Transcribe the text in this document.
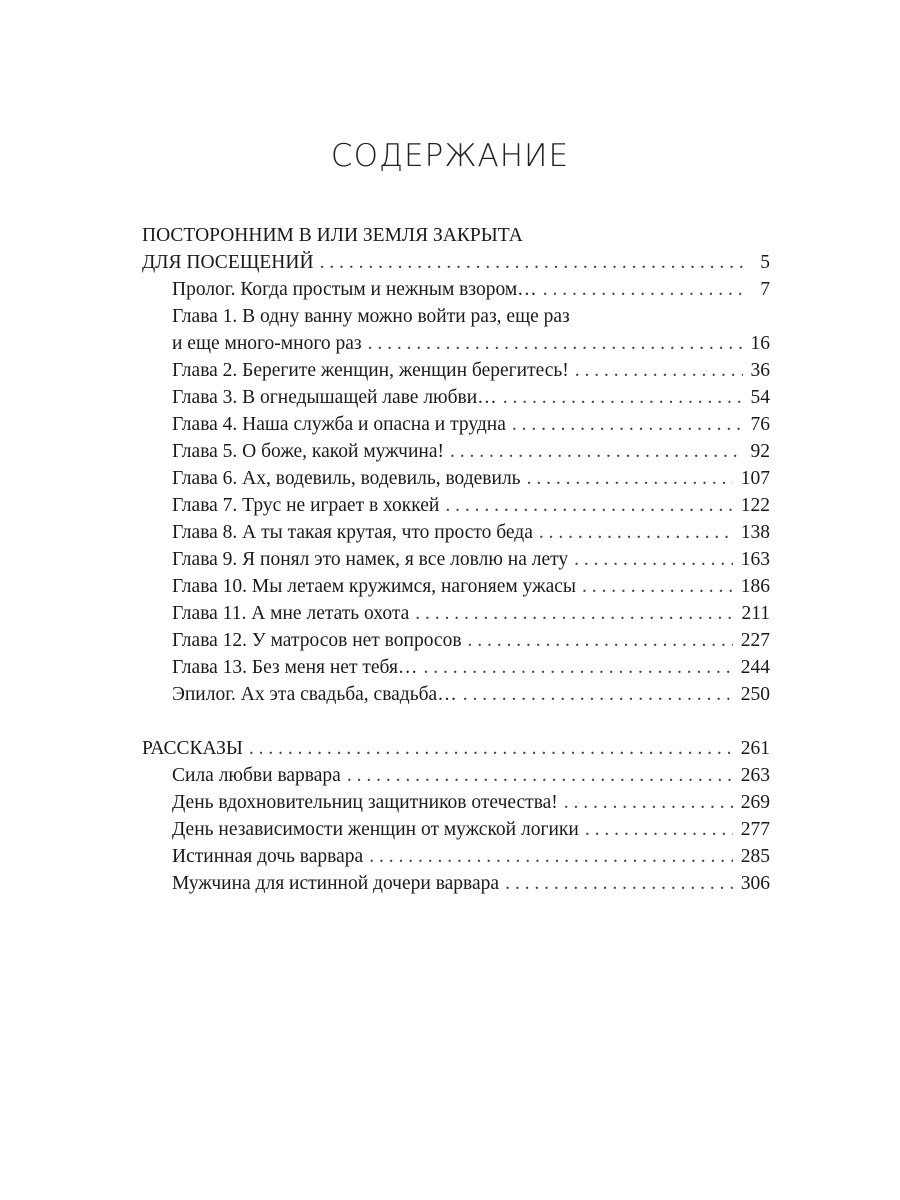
СОДЕРЖАНИЕ
ПОСТОРОННИМ В ИЛИ ЗЕМЛЯ ЗАКРЫТА
ДЛЯ ПОСЕЩЕНИЙ . . .	5
Пролог. Когда простым и нежным взором… . . .	7
Глава 1. В одну ванну можно войти раз, еще раз
и еще много-много раз . . .	16
Глава 2. Берегите женщин, женщин берегитесь! . . .	36
Глава 3. В огнедышащей лаве любви… . . .	54
Глава 4. Наша служба и опасна и трудна . . .	76
Глава 5. О боже, какой мужчина! . . .	92
Глава 6. Ах, водевиль, водевиль, водевиль . . .	107
Глава 7. Трус не играет в хоккей . . .	122
Глава 8. А ты такая крутая, что просто беда . . .	138
Глава 9. Я понял это намек, я все ловлю на лету . . .	163
Глава 10. Мы летаем кружимся, нагоняем ужасы . . .	186
Глава 11. А мне летать охота . . .	211
Глава 12. У матросов нет вопросов . . .	227
Глава 13. Без меня нет тебя… . . .	244
Эпилог. Ах эта свадьба, свадьба… . . .	250
РАССКАЗЫ . . .	261
Сила любви варвара . . .	263
День вдохновительниц защитников отечества! . . .	269
День независимости женщин от мужской логики . . .	277
Истинная дочь варвара . . .	285
Мужчина для истинной дочери варвара . . .	306
